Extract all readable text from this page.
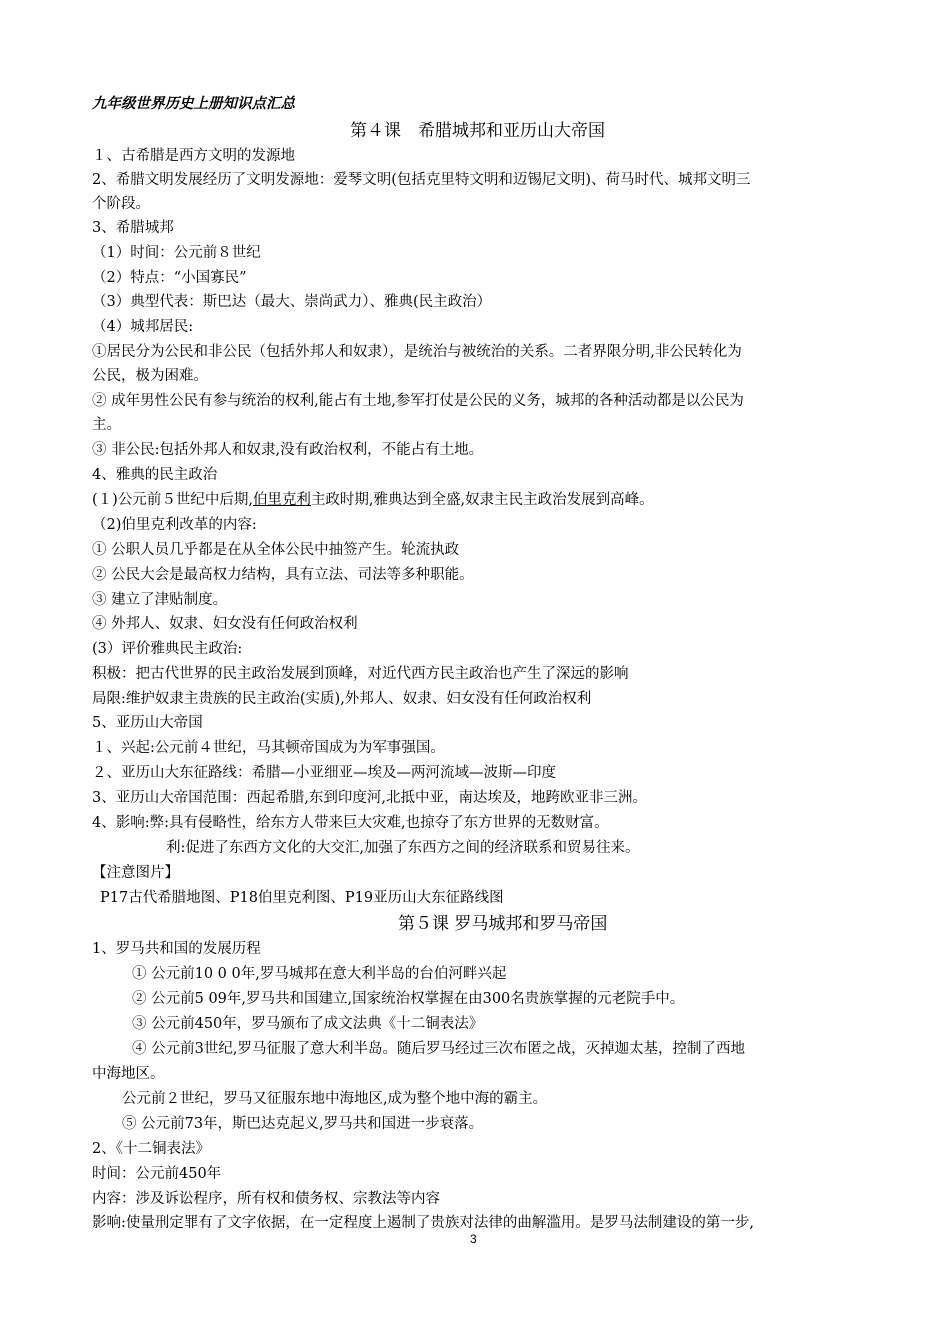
九年级世界历史上册知识点汇总
第４课　希腊城邦和亚历山大帝国
１、古希腊是西方文明的发源地
2、希腊文明发展经历了文明发源地：爱琴文明(包括克里特文明和迈锡尼文明)、荷马时代、城邦文明三
个阶段。
3、希腊城邦
（1）时间：公元前８世纪
（2）特点：“小国寡民”
（3）典型代表：斯巴达（最大、崇尚武力）、雅典(民主政治）
（4）城邦居民:
①居民分为公民和非公民（包括外邦人和奴隶），是统治与被统治的关系。二者界限分明,非公民转化为
公民，极为困难。
② 成年男性公民有参与统治的权利,能占有土地,参军打仗是公民的义务，城邦的各种活动都是以公民为
主。
③ 非公民:包括外邦人和奴隶,没有政治权利，不能占有土地。
4、雅典的民主政治
(１)公元前５世纪中后期,伯里克利主政时期,雅典达到全盛,奴隶主民主政治发展到高峰。
（2)伯里克利改革的内容:
① 公职人员几乎都是在从全体公民中抽签产生。轮流执政
② 公民大会是最高权力结构，具有立法、司法等多种职能。
③ 建立了津贴制度。
④ 外邦人、奴隶、妇女没有任何政治权利
(3）评价雅典民主政治:
积极：把古代世界的民主政治发展到顶峰，对近代西方民主政治也产生了深远的影响
局限:维护奴隶主贵族的民主政治(实质),外邦人、奴隶、妇女没有任何政治权利
5、亚历山大帝国
１、兴起:公元前４世纪，马其顿帝国成为为军事强国。
２、亚历山大东征路线：希腊—小亚细亚—埃及—两河流域—波斯—印度
3、亚历山大帝国范围：西起希腊,东到印度河,北抵中亚，南达埃及，地跨欧亚非三洲。
4、影响:弊:具有侵略性，给东方人带来巨大灾难,也掠夺了东方世界的无数财富。
利:促进了东西方文化的大交汇,加强了东西方之间的经济联系和贸易往来。
【注意图片】
P17古代希腊地图、P18伯里克利图、P19亚历山大东征路线图
第５课 罗马城邦和罗马帝国
1、罗马共和国的发展历程
① 公元前10 0 0年,罗马城邦在意大利半岛的台伯河畔兴起
② 公元前5 09年,罗马共和国建立,国家统治权掌握在由300名贵族掌握的元老院手中。
③ 公元前450年，罗马颁布了成文法典《十二铜表法》
④ 公元前3世纪,罗马征服了意大利半岛。随后罗马经过三次布匿之战，灭掉迦太基，控制了西地
中海地区。
公元前２世纪，罗马又征服东地中海地区,成为整个地中海的霸主。
⑤ 公元前73年，斯巴达克起义,罗马共和国进一步衰落。
2、《十二铜表法》
时间：公元前450年
内容：涉及诉讼程序，所有权和债务权、宗教法等内容
影响:使量刑定罪有了文字依据，在一定程度上遏制了贵族对法律的曲解滥用。是罗马法制建设的第一步,
3
